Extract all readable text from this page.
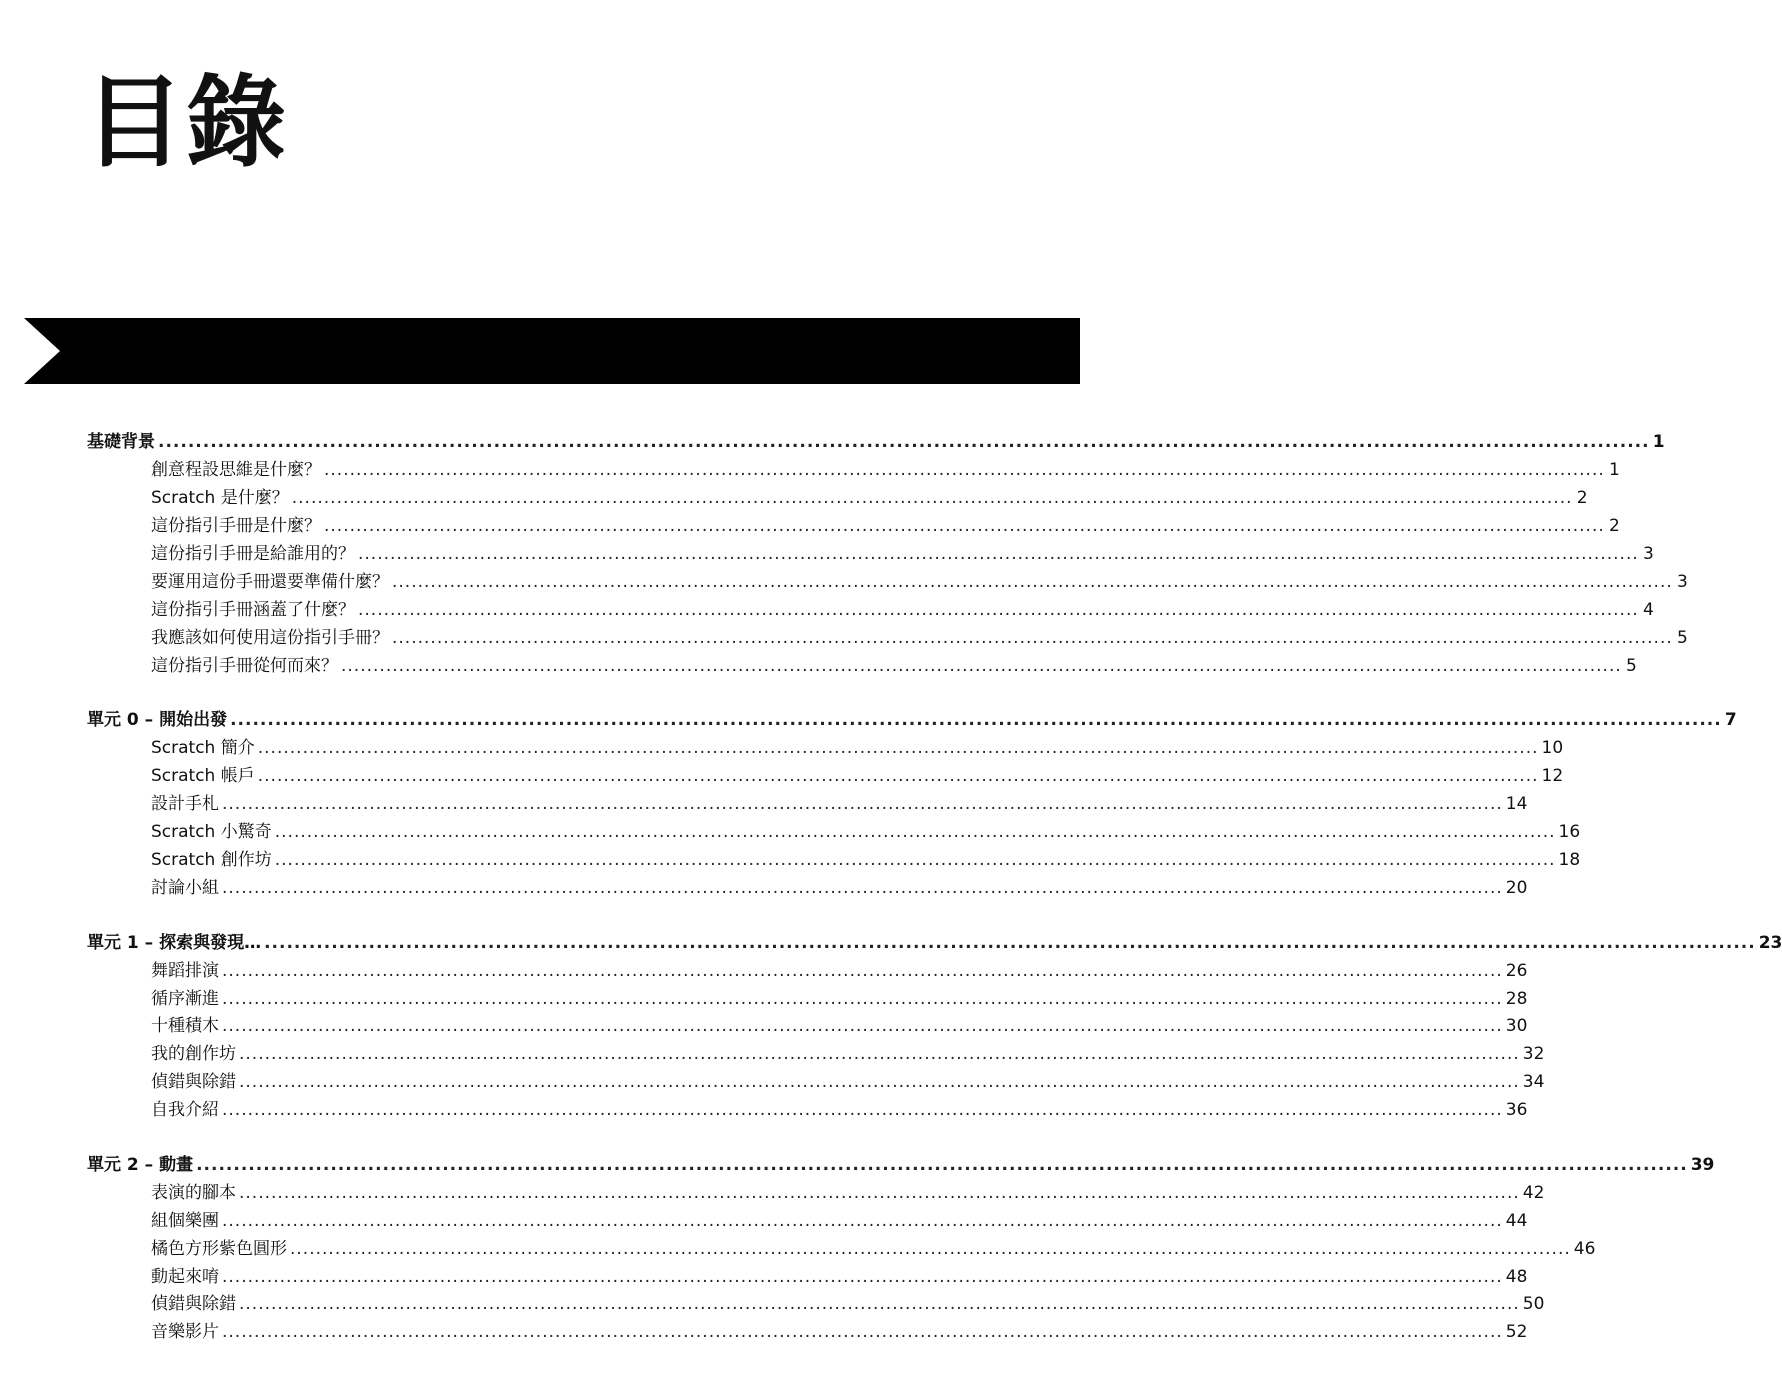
目錄
基礎背景 ........................................................................................................................................................................................................ 1
創意程設思維是什麼？ ........................................................................................................................................................................................................ 1
Scratch 是什麼？ ........................................................................................................................................................................................................ 2
這份指引手冊是什麼？ ........................................................................................................................................................................................................ 2
這份指引手冊是給誰用的？ ........................................................................................................................................................................................................ 3
要運用這份手冊還要準備什麼？ ........................................................................................................................................................................................................ 3
這份指引手冊涵蓋了什麼？ ........................................................................................................................................................................................................ 4
我應該如何使用這份指引手冊？ ........................................................................................................................................................................................................ 5
這份指引手冊從何而來？ ........................................................................................................................................................................................................ 5
單元 0 – 開始出發 ........................................................................................................................................................................................................ 7
Scratch 簡介 ........................................................................................................................................................................................................ 10
Scratch 帳戶 ........................................................................................................................................................................................................ 12
設計手札 ........................................................................................................................................................................................................ 14
Scratch 小驚奇 ........................................................................................................................................................................................................ 16
Scratch 創作坊 ........................................................................................................................................................................................................ 18
討論小組 ........................................................................................................................................................................................................ 20
單元 1 – 探索與發現… ........................................................................................................................................................................................................ 23
舞蹈排演 ........................................................................................................................................................................................................ 26
循序漸進 ........................................................................................................................................................................................................ 28
十種積木 ........................................................................................................................................................................................................ 30
我的創作坊 ........................................................................................................................................................................................................ 32
偵錯與除錯 ........................................................................................................................................................................................................ 34
自我介紹 ........................................................................................................................................................................................................ 36
單元 2 – 動畫 ........................................................................................................................................................................................................ 39
表演的腳本 ........................................................................................................................................................................................................ 42
組個樂團 ........................................................................................................................................................................................................ 44
橘色方形紫色圓形 ........................................................................................................................................................................................................ 46
動起來唷 ........................................................................................................................................................................................................ 48
偵錯與除錯 ........................................................................................................................................................................................................ 50
音樂影片 ........................................................................................................................................................................................................ 52
